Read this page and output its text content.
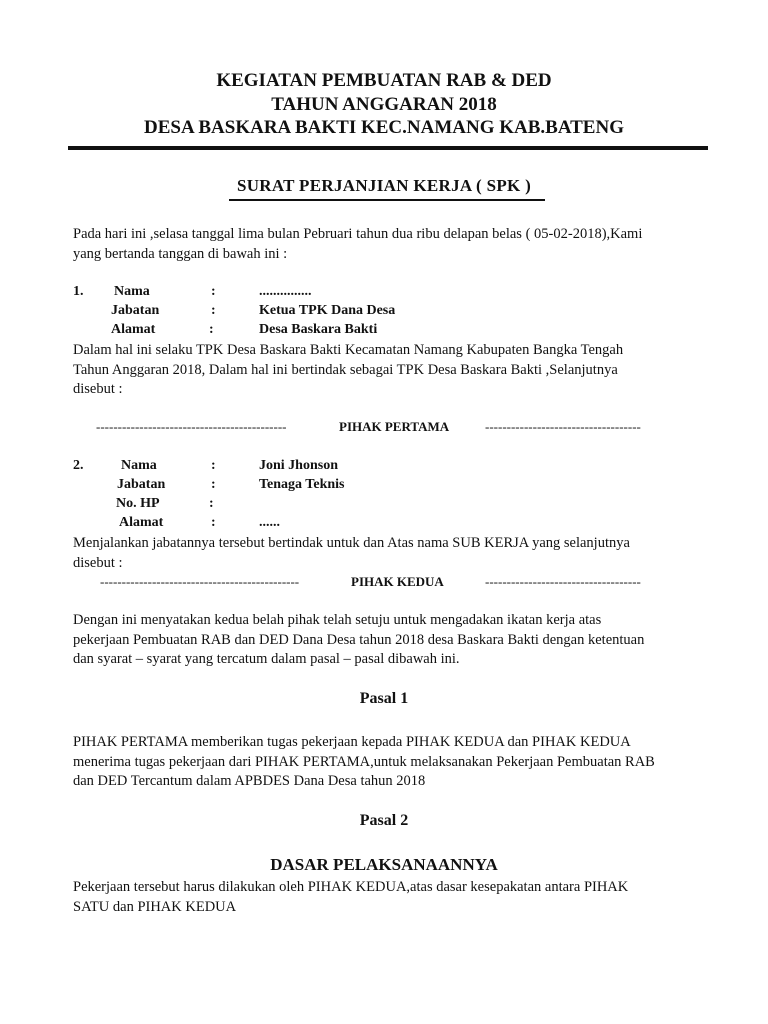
KEGIATAN PEMBUATAN RAB & DED
TAHUN ANGGARAN 2018
DESA BASKARA BAKTI KEC.NAMANG KAB.BATENG
SURAT PERJANJIAN KERJA ( SPK )
Pada hari ini ,selasa tanggal lima bulan Pebruari tahun dua ribu delapan belas ( 05-02-2018),Kami
yang bertanda tanggan di bawah ini :
1. Nama	:	...............
Jabatan	:	Ketua TPK Dana Desa
Alamat	:	Desa Baskara Bakti
Dalam hal ini selaku TPK Desa Baskara Bakti Kecamatan Namang Kabupaten Bangka Tengah
Tahun Anggaran 2018, Dalam hal ini bertindak sebagai TPK Desa Baskara Bakti ,Selanjutnya
disebut :
--------------------------------------------	PIHAK PERTAMA	------------------------------------
2.	Nama	:	Joni Jhonson
Jabatan	:	Tenaga Teknis
No. HP	:
Alamat	:	......
Menjalankan jabatannya tersebut bertindak untuk dan Atas nama SUB KERJA yang selanjutnya
disebut :
----------------------------------------------	PIHAK KEDUA	------------------------------------
Dengan ini menyatakan kedua belah pihak telah setuju untuk mengadakan ikatan kerja atas
pekerjaan Pembuatan RAB dan DED Dana Desa tahun 2018 desa Baskara Bakti dengan ketentuan
dan syarat – syarat yang tercatum dalam pasal – pasal dibawah ini.
Pasal 1
PIHAK PERTAMA memberikan tugas pekerjaan kepada PIHAK KEDUA dan PIHAK KEDUA
menerima tugas pekerjaan dari PIHAK PERTAMA,untuk melaksanakan Pekerjaan Pembuatan RAB
dan DED Tercantum dalam APBDES Dana Desa tahun 2018
Pasal 2
DASAR PELAKSANAANNYA
Pekerjaan tersebut harus dilakukan oleh PIHAK KEDUA,atas dasar kesepakatan antara PIHAK
SATU dan PIHAK KEDUA
